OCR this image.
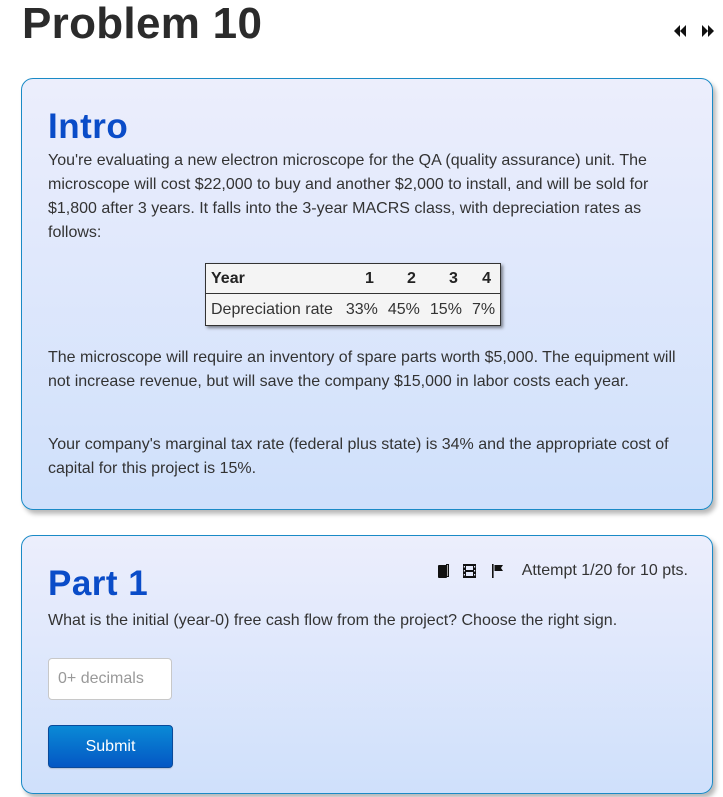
Problem 10
Intro

You're evaluating a new electron microscope for the QA (quality assurance) unit. The microscope will cost $22,000 to buy and another $2,000 to install, and will be sold for $1,800 after 3 years. It falls into the 3-year MACRS class, with depreciation rates as follows:

Year	1	2	3	4
Depreciation rate	33%	45%	15%	7%

The microscope will require an inventory of spare parts worth $5,000. The equipment will not increase revenue, but will save the company $15,000 in labor costs each year.

Your company's marginal tax rate (federal plus state) is 34% and the appropriate cost of capital for this project is 15%.

Part 1	Attempt 1/20 for 10 pts.

What is the initial (year-0) free cash flow from the project? Choose the right sign.

0+ decimals
Submit
